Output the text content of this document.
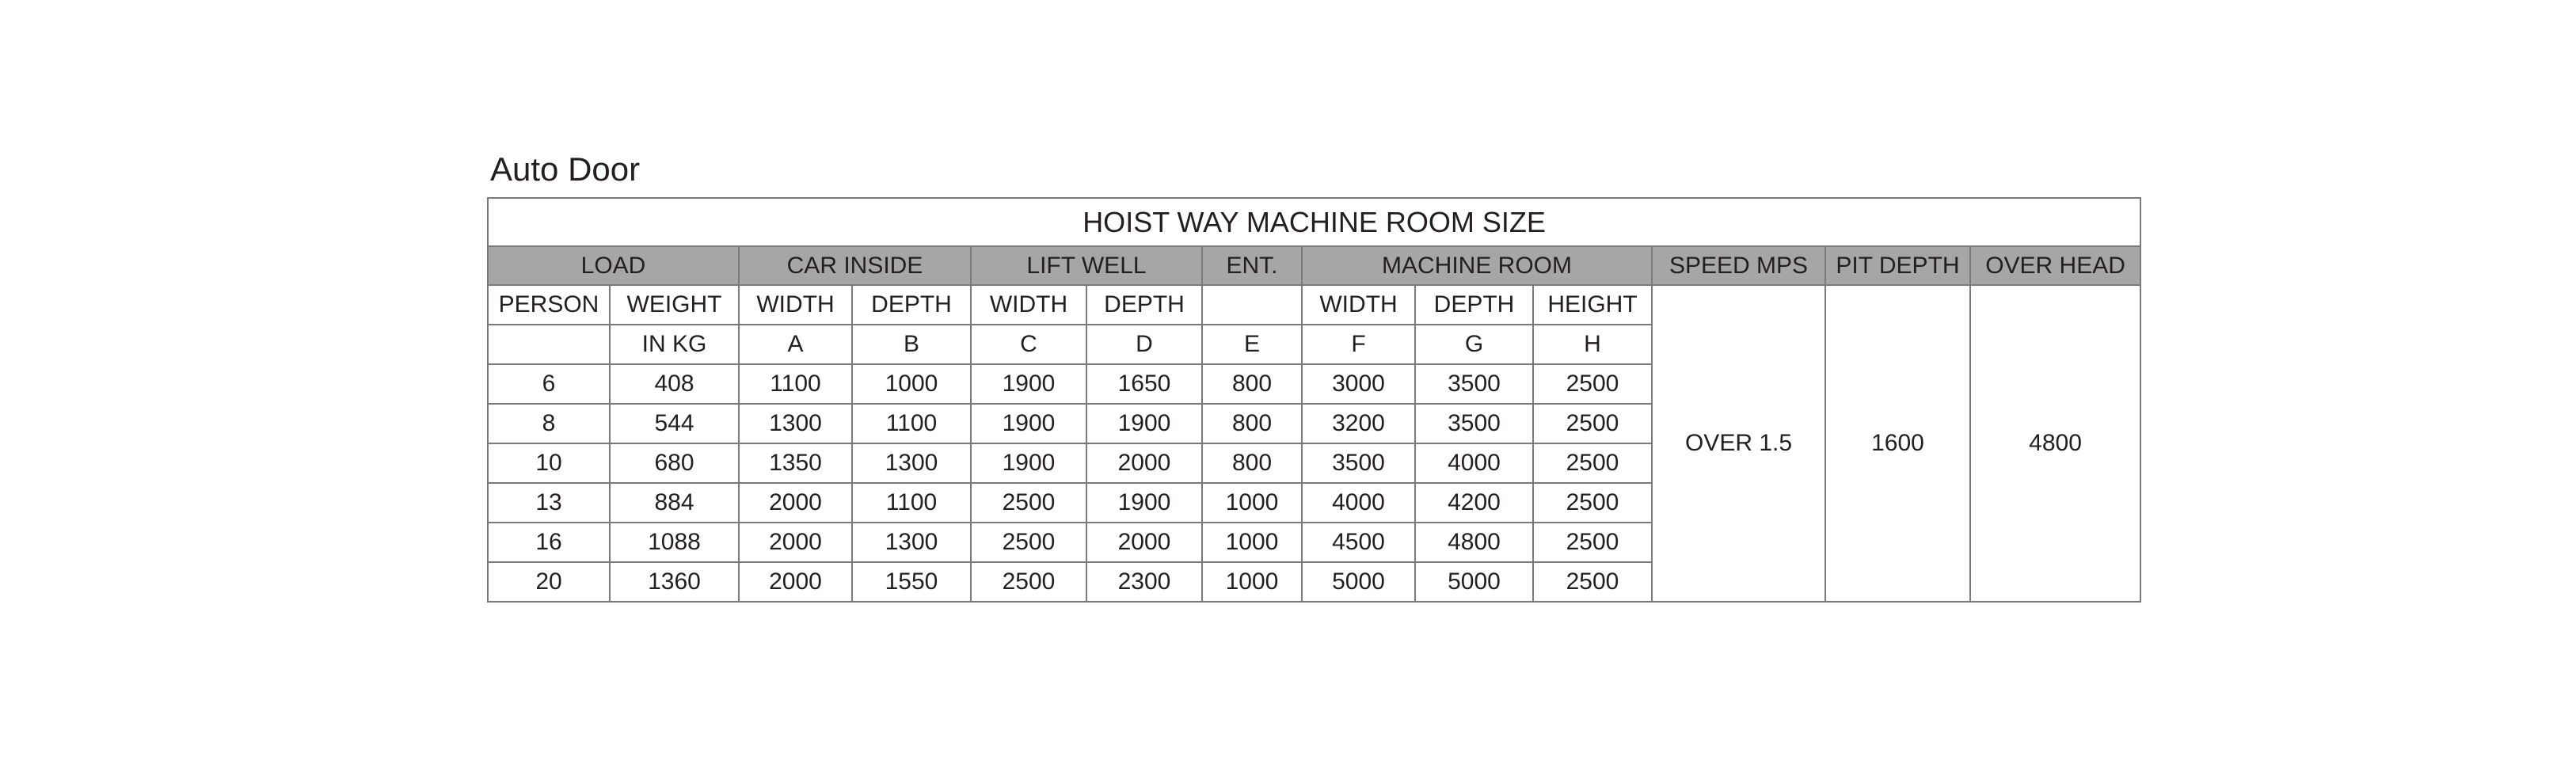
Auto Door
HOIST WAY MACHINE ROOM SIZE												
LOAD		CAR INSIDE		LIFT WELL		ENT.	MACHINE ROOM			SPEED MPS	PIT DEPTH	OVER HEAD
PERSON	WEIGHT	WIDTH	DEPTH	WIDTH	DEPTH		WIDTH	DEPTH	HEIGHT	OVER 1.5	1600	4800
	IN KG	A	B	C	D	E	F	G	H			
6	408	1100	1000	1900	1650	800	3000	3500	2500			
8	544	1300	1100	1900	1900	800	3200	3500	2500			
10	680	1350	1300	1900	2000	800	3500	4000	2500			
13	884	2000	1100	2500	1900	1000	4000	4200	2500			
16	1088	2000	1300	2500	2000	1000	4500	4800	2500			
20	1360	2000	1550	2500	2300	1000	5000	5000	2500			
